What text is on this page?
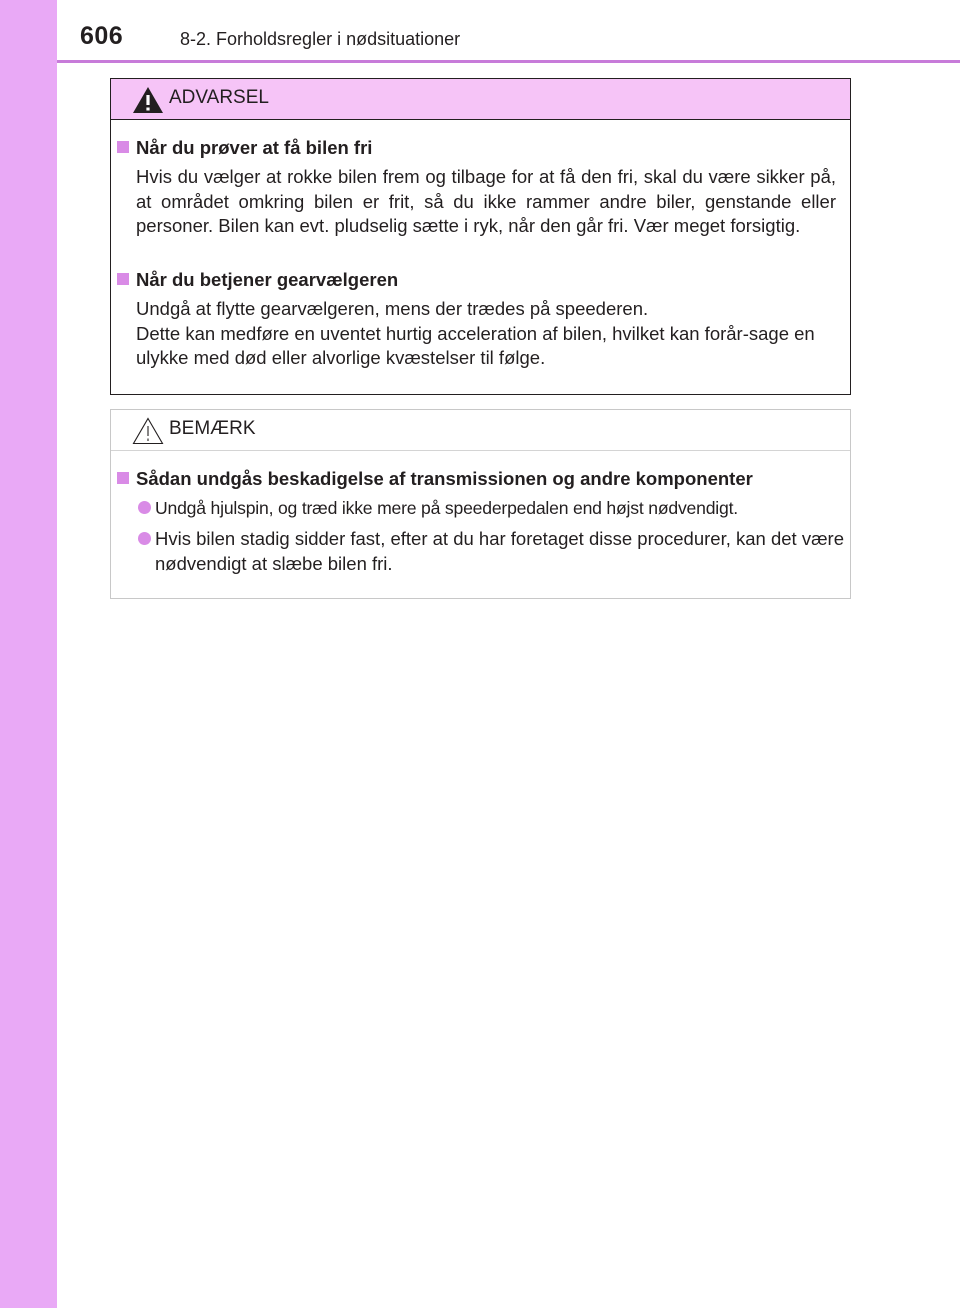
606	8-2. Forholdsregler i nødsituationer
ADVARSEL
Når du prøver at få bilen fri

Hvis du vælger at rokke bilen frem og tilbage for at få den fri, skal du være sikker på, at området omkring bilen er frit, så du ikke rammer andre biler, genstande eller personer. Bilen kan evt. pludselig sætte i ryk, når den går fri. Vær meget forsigtig.

Når du betjener gearvælgeren

Undgå at flytte gearvælgeren, mens der trædes på speederen.

Dette kan medføre en uventet hurtig acceleration af bilen, hvilket kan forår-sage en ulykke med død eller alvorlige kvæstelser til følge.

BEMÆRK
Sådan undgås beskadigelse af transmissionen og andre komponenter
Undgå hjulspin, og træd ikke mere på speederpedalen end højst nødvendigt.
Hvis bilen stadig sidder fast, efter at du har foretaget disse procedurer, kan det være nødvendigt at slæbe bilen fri.
